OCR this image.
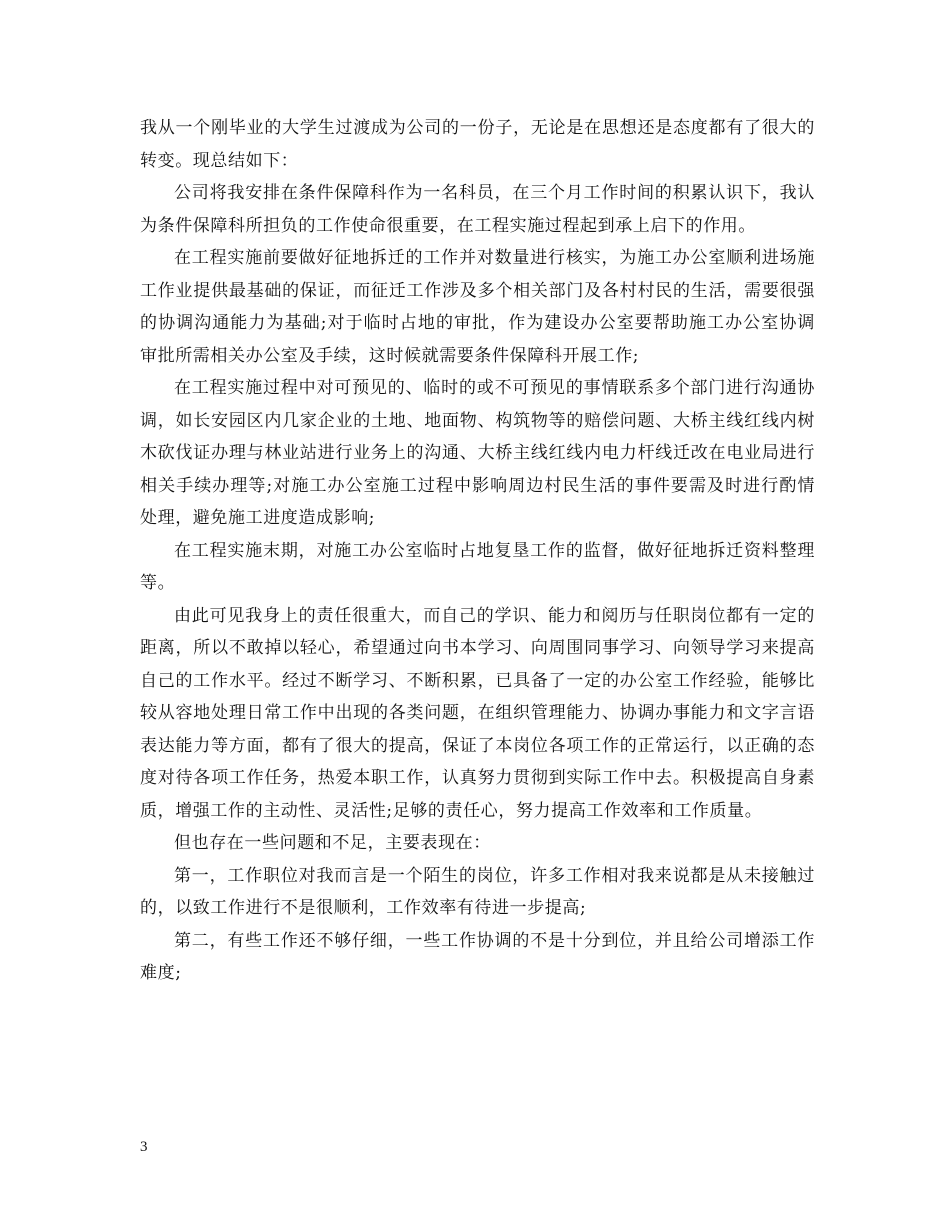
我从一个刚毕业的大学生过渡成为公司的一份子，无论是在思想还是态度都有了很大的转变。现总结如下：

公司将我安排在条件保障科作为一名科员，在三个月工作时间的积累认识下，我认为条件保障科所担负的工作使命很重要，在工程实施过程起到承上启下的作用。

在工程实施前要做好征地拆迁的工作并对数量进行核实，为施工办公室顺利进场施工作业提供最基础的保证，而征迁工作涉及多个相关部门及各村村民的生活，需要很强的协调沟通能力为基础;对于临时占地的审批，作为建设办公室要帮助施工办公室协调审批所需相关办公室及手续，这时候就需要条件保障科开展工作;

在工程实施过程中对可预见的、临时的或不可预见的事情联系多个部门进行沟通协调，如长安园区内几家企业的土地、地面物、构筑物等的赔偿问题、大桥主线红线内树木砍伐证办理与林业站进行业务上的沟通、大桥主线红线内电力杆线迁改在电业局进行相关手续办理等;对施工办公室施工过程中影响周边村民生活的事件要需及时进行酌情处理，避免施工进度造成影响;

在工程实施末期，对施工办公室临时占地复垦工作的监督，做好征地拆迁资料整理等。

由此可见我身上的责任很重大，而自己的学识、能力和阅历与任职岗位都有一定的距离，所以不敢掉以轻心，希望通过向书本学习、向周围同事学习、向领导学习来提高自己的工作水平。经过不断学习、不断积累，已具备了一定的办公室工作经验，能够比较从容地处理日常工作中出现的各类问题，在组织管理能力、协调办事能力和文字言语表达能力等方面，都有了很大的提高，保证了本岗位各项工作的正常运行，以正确的态度对待各项工作任务，热爱本职工作，认真努力贯彻到实际工作中去。积极提高自身素质，增强工作的主动性、灵活性;足够的责任心，努力提高工作效率和工作质量。

但也存在一些问题和不足，主要表现在：

第一，工作职位对我而言是一个陌生的岗位，许多工作相对我来说都是从未接触过的，以致工作进行不是很顺利，工作效率有待进一步提高;

第二，有些工作还不够仔细，一些工作协调的不是十分到位，并且给公司增添工作难度;

3
